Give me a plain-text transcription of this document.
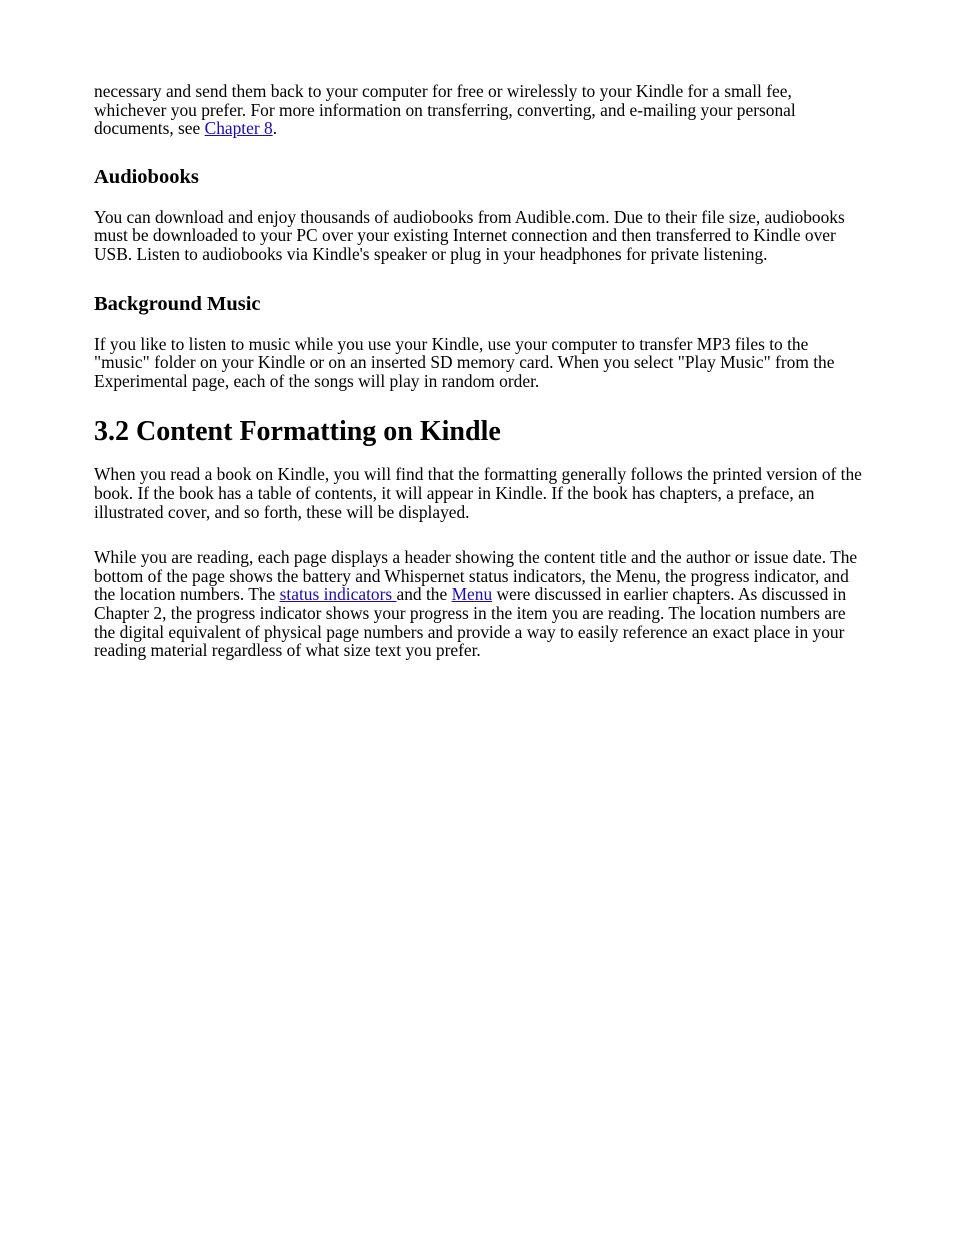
necessary and send them back to your computer for free or wirelessly to your Kindle for a small fee, whichever you prefer. For more information on transferring, converting, and e-mailing your personal documents, see Chapter 8.

Audiobooks

You can download and enjoy thousands of audiobooks from Audible.com. Due to their file size, audiobooks must be downloaded to your PC over your existing Internet connection and then transferred to Kindle over USB. Listen to audiobooks via Kindle's speaker or plug in your headphones for private listening.

Background Music

If you like to listen to music while you use your Kindle, use your computer to transfer MP3 files to the "music" folder on your Kindle or on an inserted SD memory card. When you select "Play Music" from the Experimental page, each of the songs will play in random order.

3.2 Content Formatting on Kindle

When you read a book on Kindle, you will find that the formatting generally follows the printed version of the book. If the book has a table of contents, it will appear in Kindle. If the book has chapters, a preface, an illustrated cover, and so forth, these will be displayed.

While you are reading, each page displays a header showing the content title and the author or issue date. The bottom of the page shows the battery and Whispernet status indicators, the Menu, the progress indicator, and the location numbers. The status indicators and the Menu were discussed in earlier chapters. As discussed in Chapter 2, the progress indicator shows your progress in the item you are reading. The location numbers are the digital equivalent of physical page numbers and provide a way to easily reference an exact place in your reading material regardless of what size text you prefer.
